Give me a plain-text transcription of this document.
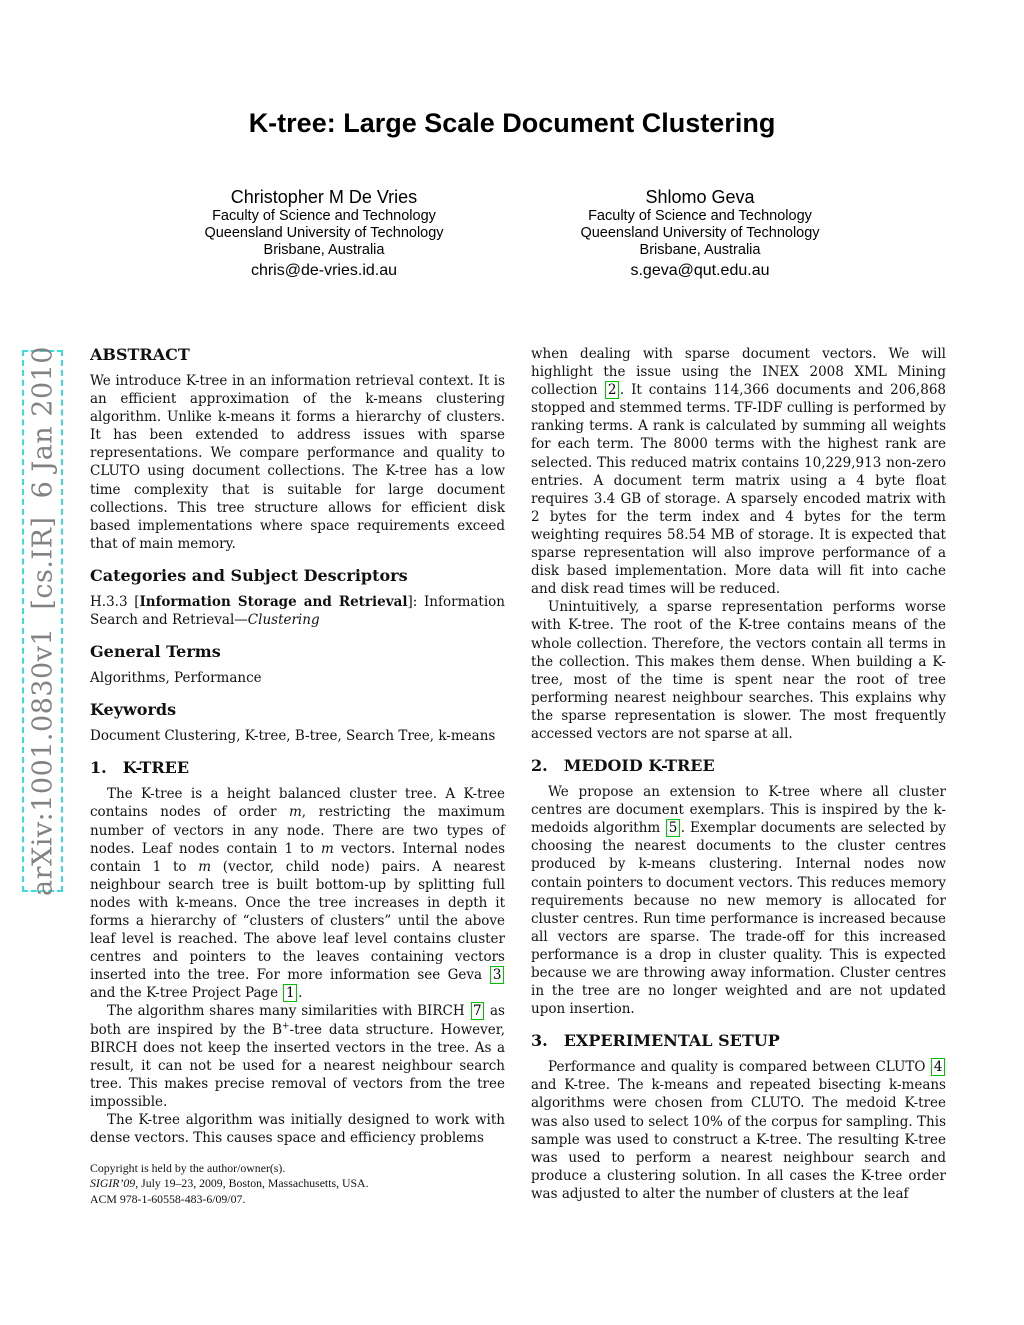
arXiv:1001.0830v1  [cs.IR]  6 Jan 2010
K-tree: Large Scale Document Clustering
Christopher M De Vries
Faculty of Science and Technology
Queensland University of Technology
Brisbane, Australia
chris@de-vries.id.au
Shlomo Geva
Faculty of Science and Technology
Queensland University of Technology
Brisbane, Australia
s.geva@qut.edu.au
ABSTRACT

We introduce K-tree in an information retrieval context. It is an efficient approximation of the k-means clustering algorithm. Unlike k-means it forms a hierarchy of clusters. It has been extended to address issues with sparse representations. We compare performance and quality to CLUTO using document collections. The K-tree has a low time complexity that is suitable for large document collections. This tree structure allows for efficient disk based implementations where space requirements exceed that of main memory.

Categories and Subject Descriptors

H.3.3 [Information Storage and Retrieval]: Information Search and Retrieval—Clustering

General Terms

Algorithms, Performance

Keywords

Document Clustering, K-tree, B-tree, Search Tree, k-means

1. K-TREE

The K-tree is a height balanced cluster tree. A K-tree contains nodes of order m, restricting the maximum number of vectors in any node. There are two types of nodes. Leaf nodes contain 1 to m vectors. Internal nodes contain 1 to m (vector, child node) pairs. A nearest neighbour search tree is built bottom-up by splitting full nodes with k-means. Once the tree increases in depth it forms a hierarchy of “clusters of clusters” until the above leaf level is reached. The above leaf level contains cluster centres and pointers to the leaves containing vectors inserted into the tree. For more information see Geva 3 and the K-tree Project Page 1 .

The algorithm shares many similarities with BIRCH 7 as both are inspired by the B+-tree data structure. However, BIRCH does not keep the inserted vectors in the tree. As a result, it can not be used for a nearest neighbour search tree. This makes precise removal of vectors from the tree impossible.

The K-tree algorithm was initially designed to work with dense vectors. This causes space and efficiency problems

Copyright is held by the author/owner(s).
SIGIR’09, July 19–23, 2009, Boston, Massachusetts, USA.
ACM 978-1-60558-483-6/09/07.

when dealing with sparse document vectors. We will highlight the issue using the INEX 2008 XML Mining collection 2 . It contains 114,366 documents and 206,868 stopped and stemmed terms. TF-IDF culling is performed by ranking terms. A rank is calculated by summing all weights for each term. The 8000 terms with the highest rank are selected. This reduced matrix contains 10,229,913 non-zero entries. A document term matrix using a 4 byte float requires 3.4 GB of storage. A sparsely encoded matrix with 2 bytes for the term index and 4 bytes for the term weighting requires 58.54 MB of storage. It is expected that sparse representation will also improve performance of a disk based implementation. More data will fit into cache and disk read times will be reduced.

Unintuitively, a sparse representation performs worse with K-tree. The root of the K-tree contains means of the whole collection. Therefore, the vectors contain all terms in the collection. This makes them dense. When building a K-tree, most of the time is spent near the root of tree performing nearest neighbour searches. This explains why the sparse representation is slower. The most frequently accessed vectors are not sparse at all.

2. MEDOID K-TREE

We propose an extension to K-tree where all cluster centres are document exemplars. This is inspired by the k-medoids algorithm 5 . Exemplar documents are selected by choosing the nearest documents to the cluster centres produced by k-means clustering. Internal nodes now contain pointers to document vectors. This reduces memory requirements because no new memory is allocated for cluster centres. Run time performance is increased because all vectors are sparse. The trade-off for this increased performance is a drop in cluster quality. This is expected because we are throwing away information. Cluster centres in the tree are no longer weighted and are not updated upon insertion.

3. EXPERIMENTAL SETUP

Performance and quality is compared between CLUTO 4 and K-tree. The k-means and repeated bisecting k-means algorithms were chosen from CLUTO. The medoid K-tree was also used to select 10% of the corpus for sampling. This sample was used to construct a K-tree. The resulting K-tree was used to perform a nearest neighbour search and produce a clustering solution. In all cases the K-tree order was adjusted to alter the number of clusters at the leaf
